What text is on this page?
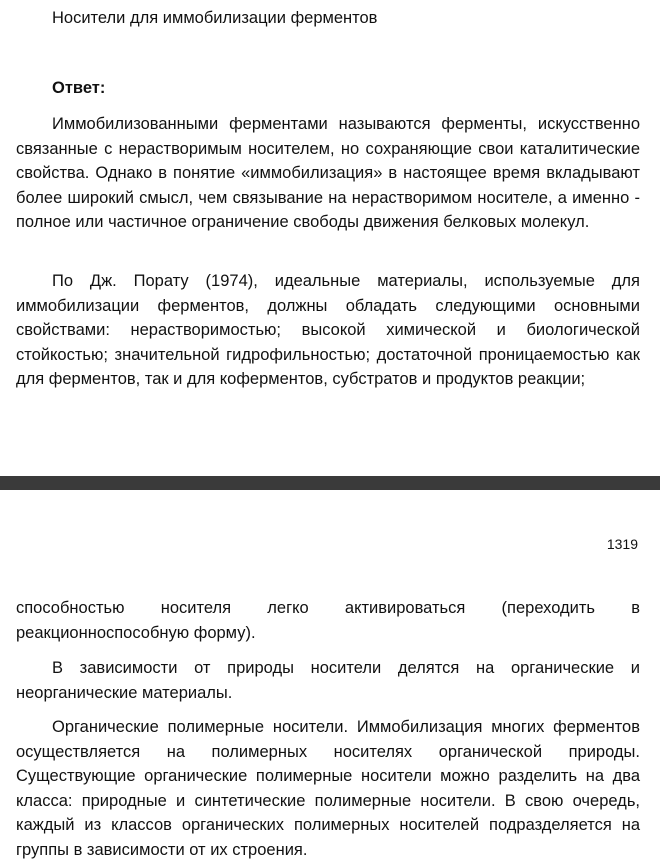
Носители для иммобилизации ферментов
Ответ:

Иммобилизованными ферментами называются ферменты, искусственно связанные с нерастворимым носителем, но сохраняющие свои каталитические свойства. Однако в понятие «иммобилизация» в настоящее время вкладывают более широкий смысл, чем связывание на нерастворимом носителе, а именно - полное или частичное ограничение свободы движения белковых молекул.

По Дж. Порату (1974), идеальные материалы, используемые для иммобилизации ферментов, должны обладать следующими основными свойствами: нерастворимостью; высокой химической и биологической стойкостью; значительной гидрофильностью; достаточной проницаемостью как для ферментов, так и для коферментов, субстратов и продуктов реакции;

1319

способностью носителя легко активироваться (переходить в реакционноспособную форму).

В зависимости от природы носители делятся на органические и неорганические материалы.

Органические полимерные носители. Иммобилизация многих ферментов осуществляется на полимерных носителях органической природы. Существующие органические полимерные носители можно разделить на два класса: природные и синтетические полимерные носители. В свою очередь, каждый из классов органических полимерных носителей подразделяется на группы в зависимости от их строения.
